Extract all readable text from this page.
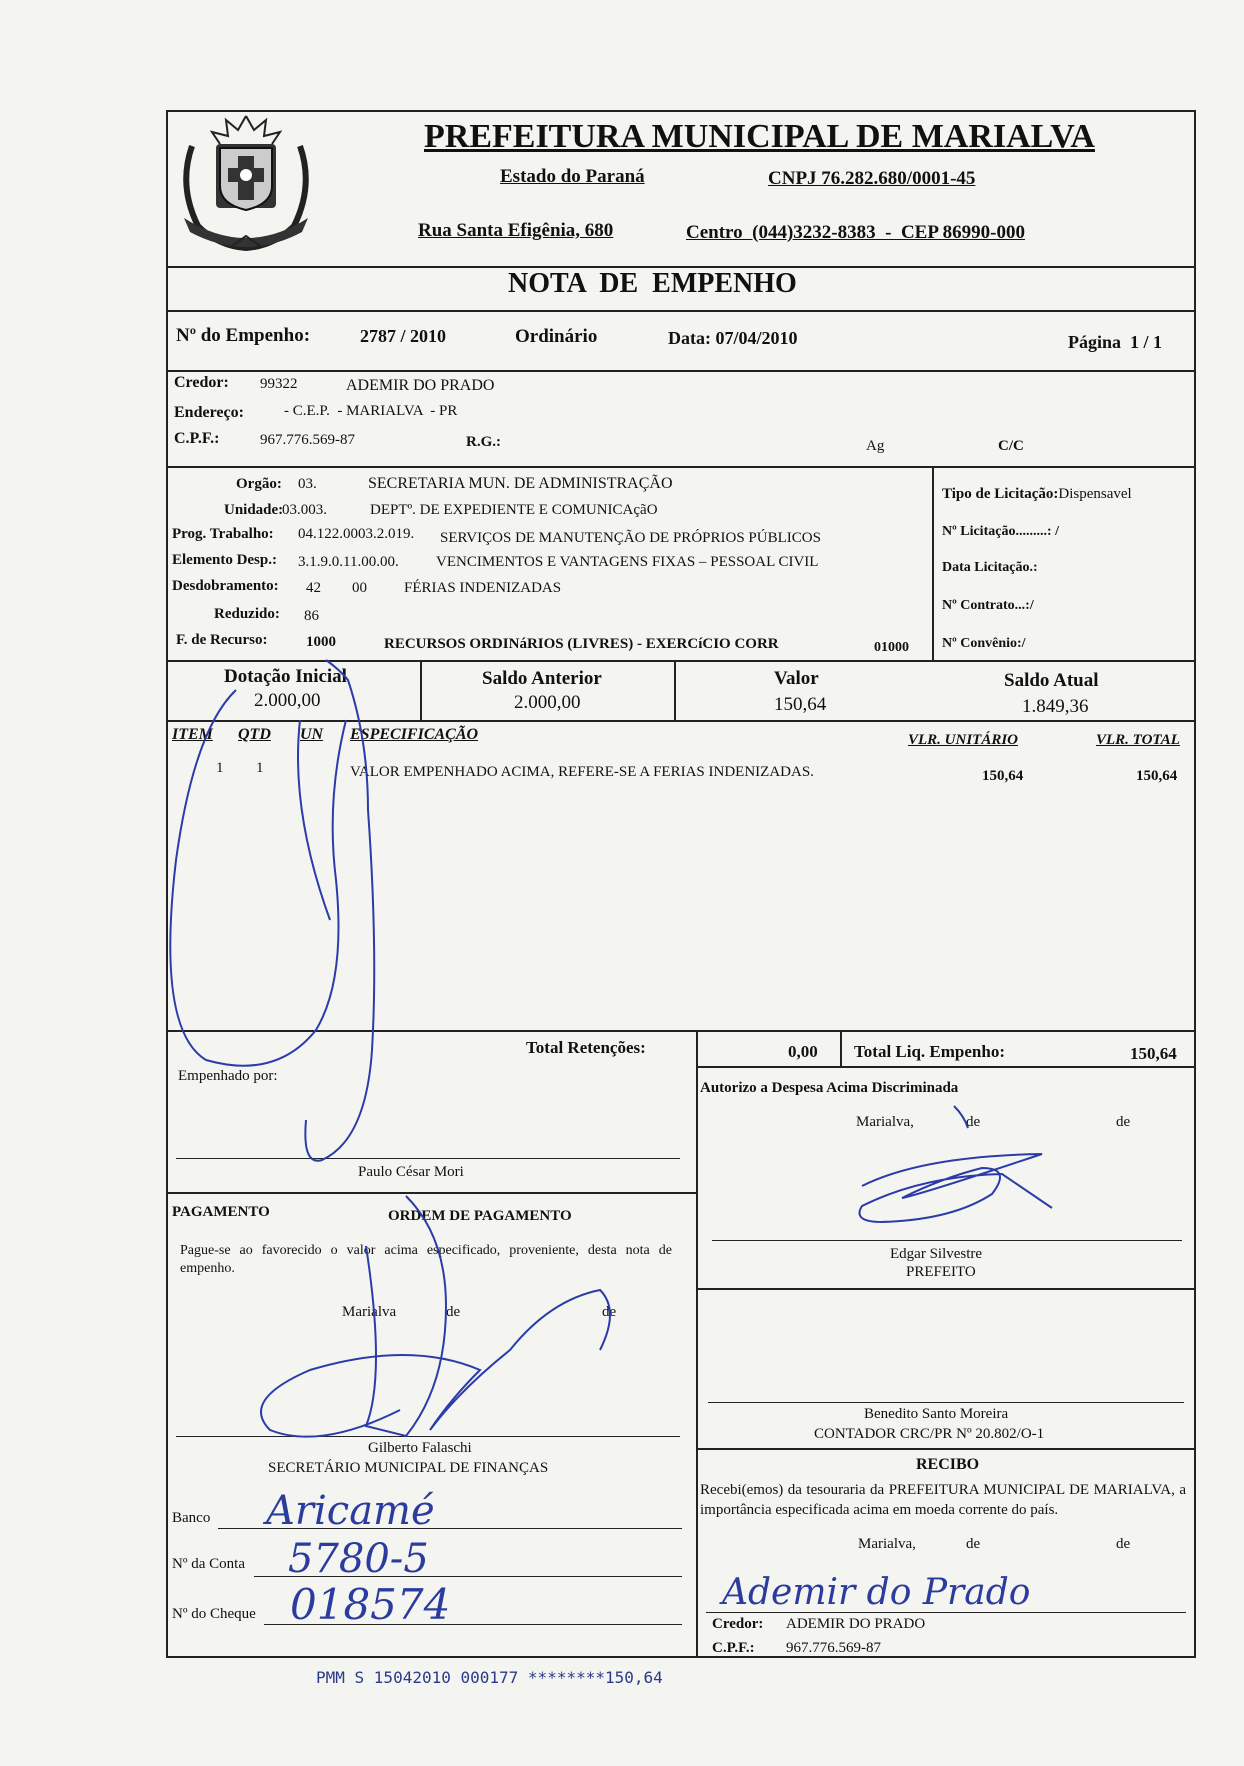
PREFEITURA MUNICIPAL DE MARIALVA
Estado do Paraná	CNPJ 76.282.680/0001-45
Rua Santa Efigênia, 680	Centro  (044)3232-8383  -  CEP 86990-000
NOTA  DE  EMPENHO
Nº do Empenho:	2787 / 2010	Ordinário	Data: 07/04/2010	Página  1 / 1
Credor: 99322	ADEMIR DO PRADO
Endereço:	- C.E.P.  - MARIALVA  - PR
C.P.F.:	967.776.569-87	R.G.:	Ag	C/C
Orgão: 03.	SECRETARIA MUN. DE ADMINISTRAÇÃO
Unidade:
03.003.	DEPTº. DE EXPEDIENTE E COMUNICAçãO
Prog. Trabalho: 04.122.0003.2.019. SERVIÇOS DE MANUTENÇÃO DE PRÓPRIOS PÚBLICOS
Elemento Desp.: 3.1.9.0.11.00.00. VENCIMENTOS E VANTAGENS FIXAS – PESSOAL CIVIL
Desdobramento: 42 00 FÉRIAS INDENIZADAS
Reduzido: 86
F. de Recurso:	1000	RECURSOS ORDINáRIOS (LIVRES) - EXERCíCIO CORR	01000
Tipo de Licitação:Dispensavel
Nº Licitação.........: /
Data Licitação.:
Nº Contrato...:/
Nº Convênio:/
Dotação Inicial
2.000,00
Saldo Anterior
2.000,00
Valor
150,64
Saldo Atual
1.849,36
ITEM QTD UN ESPECIFICAÇÃO	VLR. UNITÁRIO	VLR. TOTAL
1 1	VALOR EMPENHADO ACIMA, REFERE-SE A FERIAS INDENIZADAS.	150,64	150,64
Total Retenções:	0,00 Total Liq. Empenho:	150,64
Empenhado por:
Paulo César Mori
Autorizo a Despesa Acima Discriminada
Marialva,	de	de
Edgar Silvestre
PREFEITO
PAGAMENTO	ORDEM DE PAGAMENTO
Pague-se ao favorecido o valor acima especificado, proveniente, desta nota de empenho.
Marialva	de	de
Gilberto Falaschi
SECRETÁRIO MUNICIPAL DE FINANÇAS
Benedito Santo Moreira
CONTADOR CRC/PR Nº 20.802/O-1
Banco Aricamé
Nº da Conta 5780-5
Nº do Cheque 018574
RECIBO
Recebi(emos) da tesouraria da PREFEITURA MUNICIPAL DE MARIALVA, a importância especificada acima em moeda corrente do país.
Marialva,	de	de
Ademir do Prado
Credor: ADEMIR DO PRADO
C.P.F.: 967.776.569-87
PMM S 15042010 000177 ********150,64
